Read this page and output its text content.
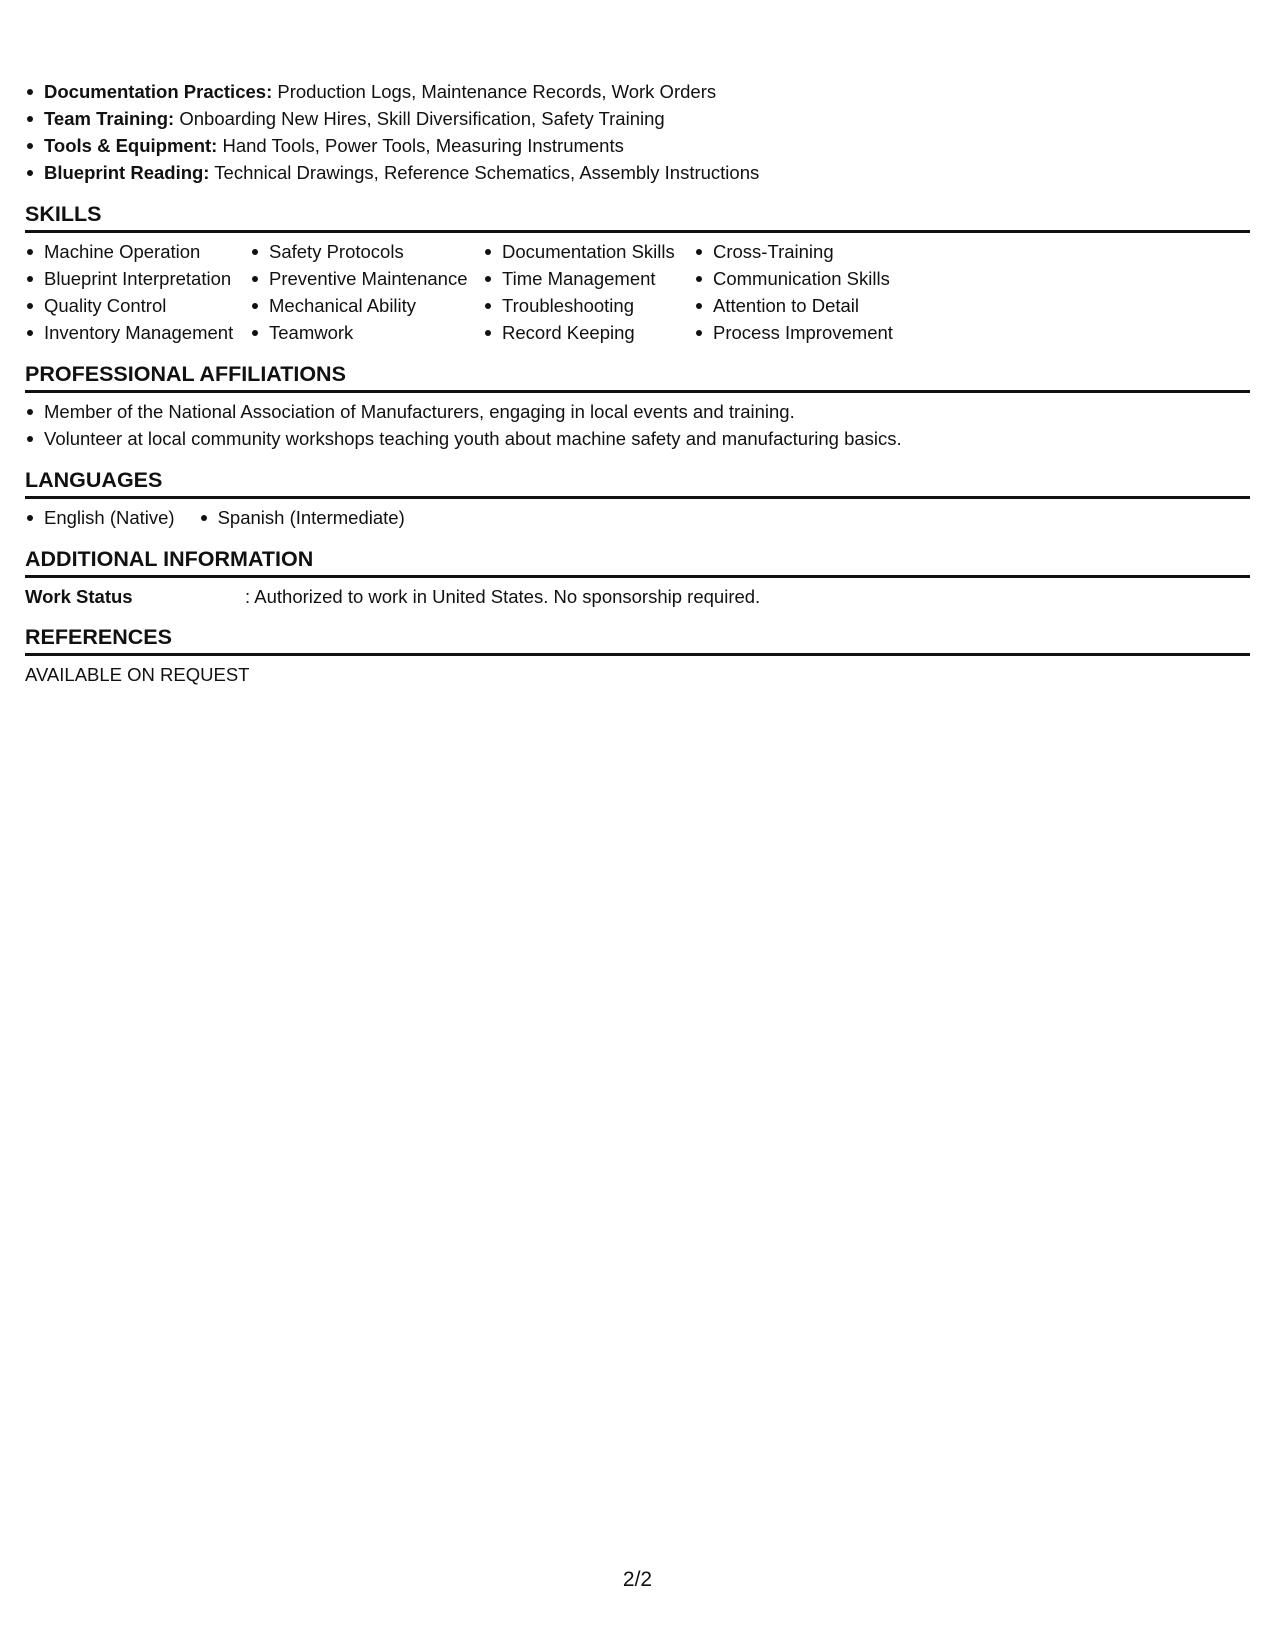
Documentation Practices: Production Logs, Maintenance Records, Work Orders
Team Training: Onboarding New Hires, Skill Diversification, Safety Training
Tools & Equipment: Hand Tools, Power Tools, Measuring Instruments
Blueprint Reading: Technical Drawings, Reference Schematics, Assembly Instructions
SKILLS
Machine Operation
Blueprint Interpretation
Quality Control
Inventory Management
Safety Protocols
Preventive Maintenance
Mechanical Ability
Teamwork
Documentation Skills
Time Management
Troubleshooting
Record Keeping
Cross-Training
Communication Skills
Attention to Detail
Process Improvement
PROFESSIONAL AFFILIATIONS
Member of the National Association of Manufacturers, engaging in local events and training.
Volunteer at local community workshops teaching youth about machine safety and manufacturing basics.
LANGUAGES
English (Native)	Spanish (Intermediate)
ADDITIONAL INFORMATION
Work Status	: Authorized to work in United States. No sponsorship required.
REFERENCES
AVAILABLE ON REQUEST
2/2
